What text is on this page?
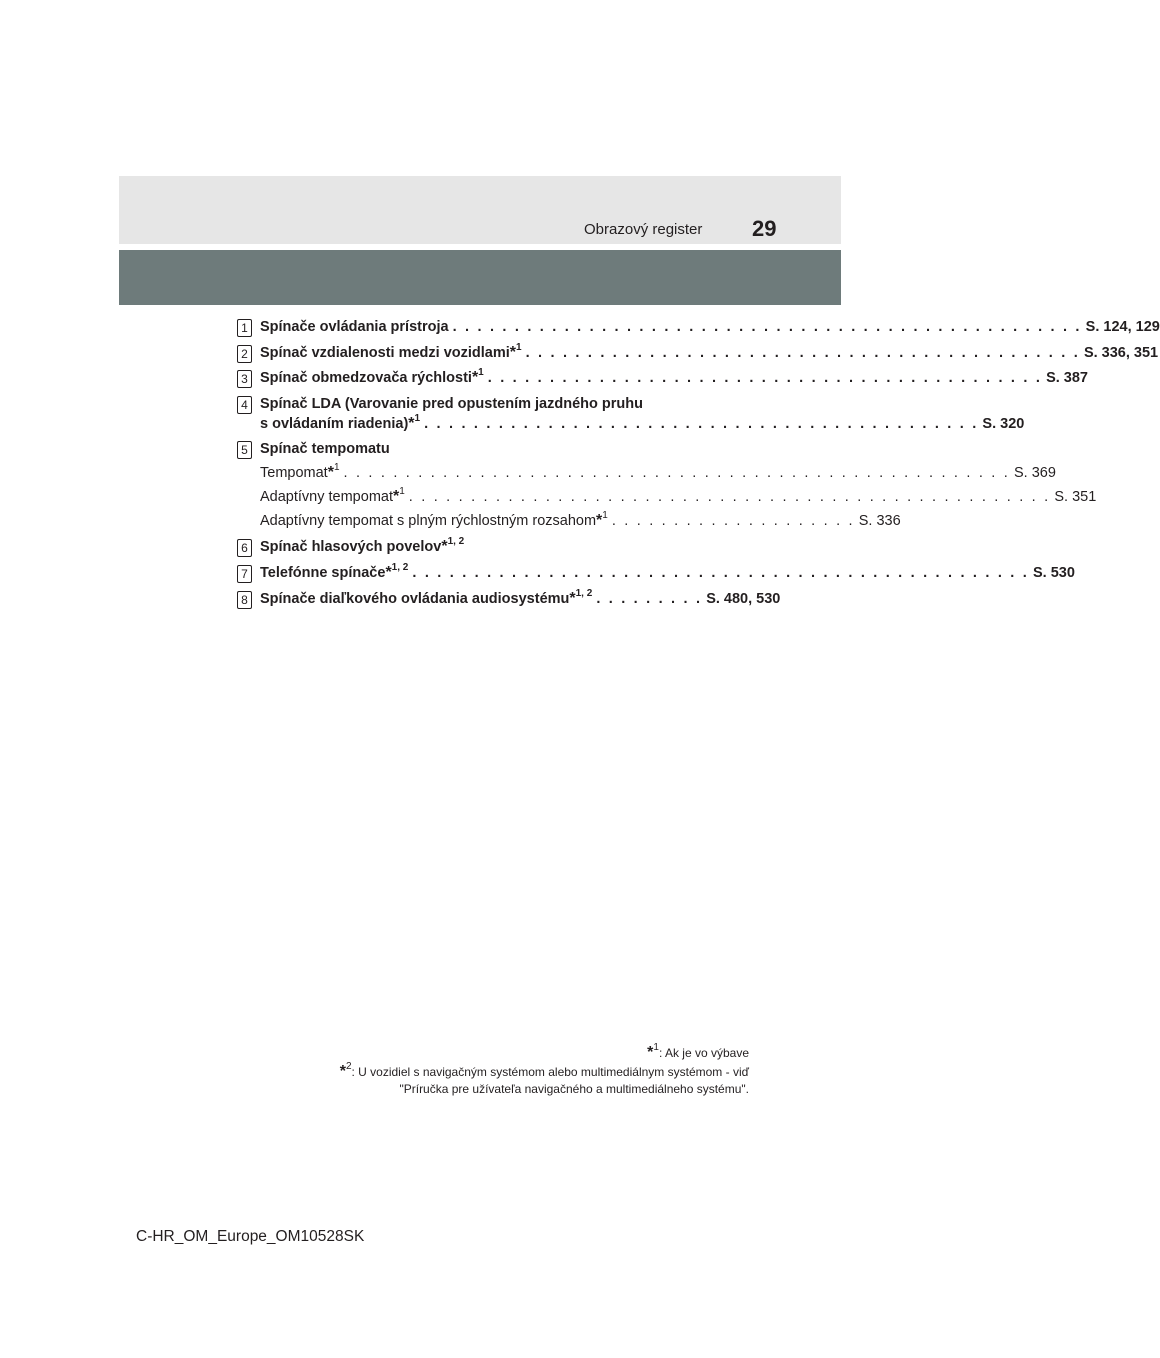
Obrazový register 29
1 Spínače ovládania prístroja . . . . . . . . . . . . . . . . . . . . . . . . . . . . . . . . . . . . . . . . . . . . . . . . . . . S. 124, 129
2 Spínač vzdialenosti medzi vozidlami*$^1$ . . . . . . . . . . . . . . . . . . . . . . . . . . . . . . . . . . . . . . . . . . . . . S. 336, 351
3 Spínač obmedzovača rýchlosti*$^1$ . . . . . . . . . . . . . . . . . . . . . . . . . . . . . . . . . . . . . . . . . . . . . S. 387
4 Spínač LDA (Varovanie pred opustením jazdného pruhu
s ovládaním riadenia)*$^1$ . . . . . . . . . . . . . . . . . . . . . . . . . . . . . . . . . . . . . . . . . . . . . S. 320
5 Spínač tempomatu
Tempomat*$^1$ . . . . . . . . . . . . . . . . . . . . . . . . . . . . . . . . . . . . . . . . . . . . . . . . . . . . . . S. 369
Adaptívny tempomat*$^1$ . . . . . . . . . . . . . . . . . . . . . . . . . . . . . . . . . . . . . . . . . . . . . . . . . . . . S. 351
Adaptívny tempomat s plným rýchlostným rozsahom*$^1$ . . . . . . . . . . . . . . . . . . . . S. 336
6 Spínač hlasových povelov*$^{1, 2}$
7 Telefónne spínače*$^{1, 2}$ . . . . . . . . . . . . . . . . . . . . . . . . . . . . . . . . . . . . . . . . . . . . . . . . . . S. 530
8 Spínače diaľkového ovládania audiosystému*$^{1, 2}$ . . . . . . . . . S. 480, 530
*$^1$: Ak je vo výbave
*$^2$: U vozidiel s navigačným systémom alebo multimediálnym systémom - viď
"Príručka pre užívateľa navigačného a multimediálneho systému".
C-HR_OM_Europe_OM10528SK
